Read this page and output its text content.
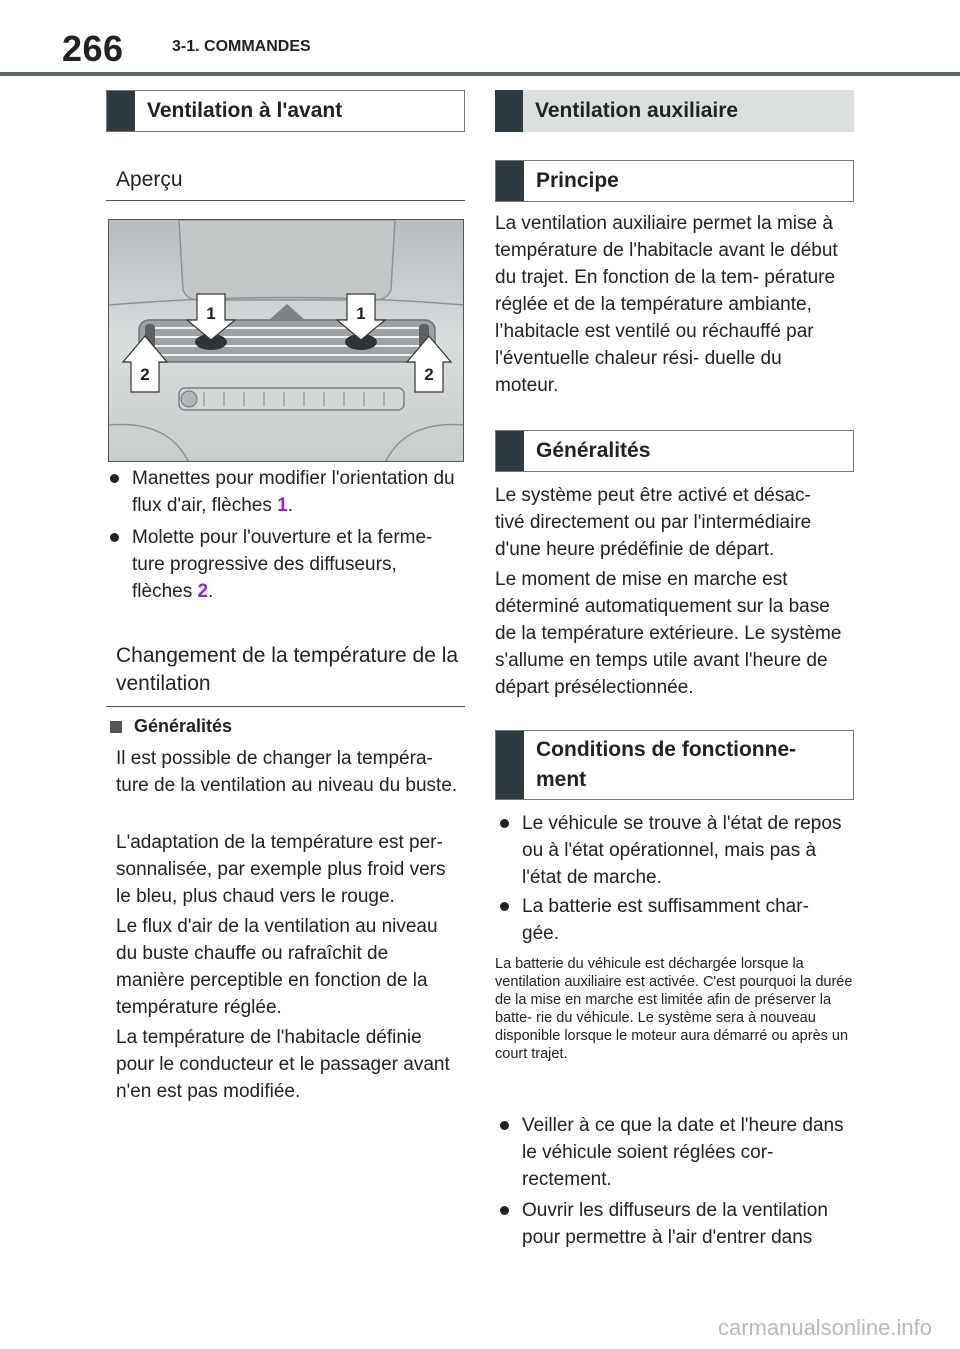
266	3-1. COMMANDES
Ventilation à l'avant
Aperçu
1	1
2	2
Manettes pour modifier l'orientation du flux d'air, flèches 1.
Molette pour l'ouverture et la ferme- ture progressive des diffuseurs, flèches 2.
Changement de la température de la ventilation
Généralités
Il est possible de changer la tempéra- ture de la ventilation au niveau du buste.
L'adaptation de la température est per- sonnalisée, par exemple plus froid vers le bleu, plus chaud vers le rouge.
Le flux d'air de la ventilation au niveau du buste chauffe ou rafraîchit de manière perceptible en fonction de la température réglée.
La température de l'habitacle définie pour le conducteur et le passager avant n'en est pas modifiée.
Ventilation auxiliaire
Principe
La ventilation auxiliaire permet la mise à température de l'habitacle avant le début du trajet. En fonction de la tem- pérature réglée et de la température ambiante, l’habitacle est ventilé ou réchauffé par l'éventuelle chaleur rési- duelle du moteur.
Généralités
Le système peut être activé et désac- tivé directement ou par l'intermédiaire d'une heure prédéfinie de départ.
Le moment de mise en marche est déterminé automatiquement sur la base de la température extérieure. Le système s'allume en temps utile avant l'heure de départ présélectionnée.
Conditions de fonctionne- ment
Le véhicule se trouve à l'état de repos ou à l'état opérationnel, mais pas à l'état de marche.
La batterie est suffisamment char- gée.
La batterie du véhicule est déchargée lorsque la ventilation auxiliaire est activée. C'est pourquoi la durée de la mise en marche est limitée afin de préserver la batte- rie du véhicule. Le système sera à nouveau disponible lorsque le moteur aura démarré ou après un court trajet.
Veiller à ce que la date et l'heure dans le véhicule soient réglées cor- rectement.
Ouvrir les diffuseurs de la ventilation pour permettre à l'air d'entrer dans
carmanualsonline.info
